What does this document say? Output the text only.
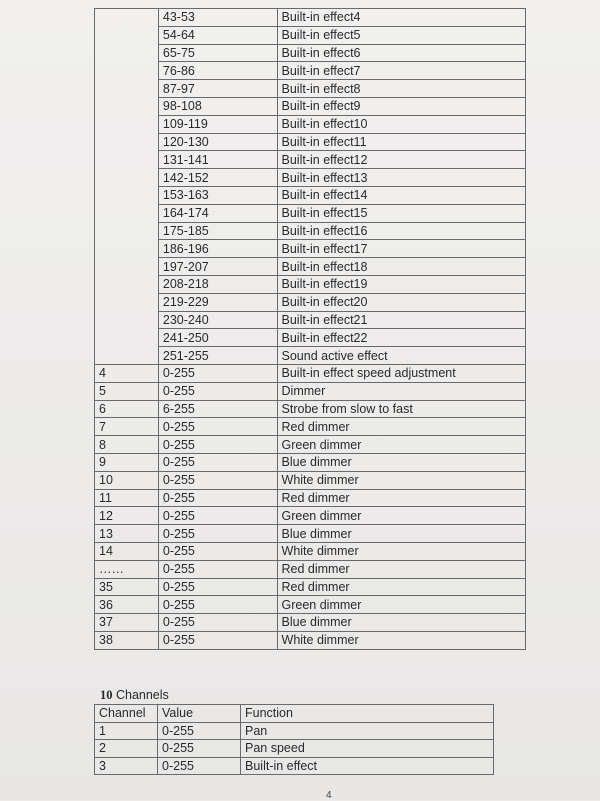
	43-53	Built-in effect4
	54-64	Built-in effect5
	65-75	Built-in effect6
	76-86	Built-in effect7
	87-97	Built-in effect8
	98-108	Built-in effect9
	109-119	Built-in effect10
	120-130	Built-in effect11
	131-141	Built-in effect12
	142-152	Built-in effect13
	153-163	Built-in effect14
	164-174	Built-in effect15
	175-185	Built-in effect16
	186-196	Built-in effect17
	197-207	Built-in effect18
	208-218	Built-in effect19
	219-229	Built-in effect20
	230-240	Built-in effect21
	241-250	Built-in effect22
	251-255	Sound active effect
4	0-255	Built-in effect speed adjustment
5	0-255	Dimmer
6	6-255	Strobe from slow to fast
7	0-255	Red dimmer
8	0-255	Green dimmer
9	0-255	Blue dimmer
10	0-255	White dimmer
11	0-255	Red dimmer
12	0-255	Green dimmer
13	0-255	Blue dimmer
14	0-255	White dimmer
……	0-255	Red dimmer
35	0-255	Red dimmer
36	0-255	Green dimmer
37	0-255	Blue dimmer
38	0-255	White dimmer
10 Channels
Channel	Value	Function
1	0-255	Pan
2	0-255	Pan speed
3	0-255	Built-in effect
4
